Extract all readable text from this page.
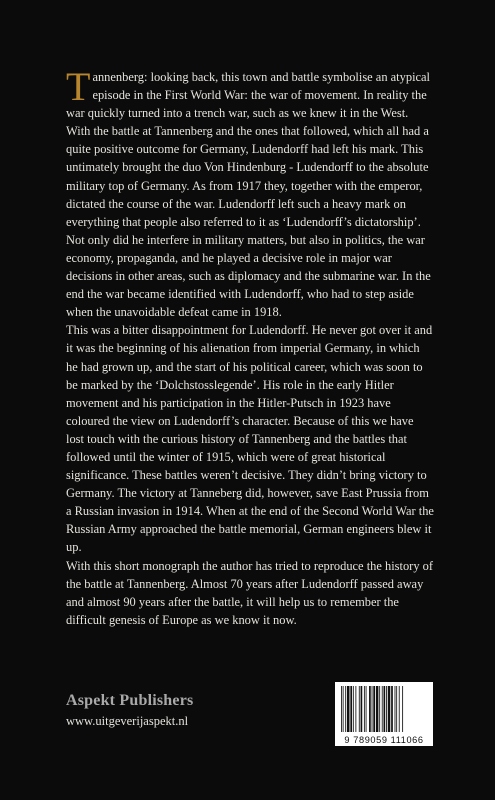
Tannenberg: looking back, this town and battle symbolise an atypical episode in the First World War: the war of movement. In reality the war quickly turned into a trench war, such as we knew it in the West. With the battle at Tannenberg and the ones that followed, which all had a quite positive outcome for Germany, Ludendorff had left his mark. This untimately brought the duo Von Hindenburg - Ludendorff to the absolute military top of Germany. As from 1917 they, together with the emperor, dictated the course of the war. Ludendorff left such a heavy mark on everything that people also referred to it as ‘Ludendorff’s dictatorship’. Not only did he interfere in military matters, but also in politics, the war economy, propaganda, and he played a decisive role in major war decisions in other areas, such as diplomacy and the submarine war. In the end the war became identified with Ludendorff, who had to step aside when the unavoidable defeat came in 1918.

This was a bitter disappointment for Ludendorff. He never got over it and it was the beginning of his alienation from imperial Germany, in which he had grown up, and the start of his political career, which was soon to be marked by the ‘Dolchstosslegende’. His role in the early Hitler movement and his participation in the Hitler-Putsch in 1923 have coloured the view on Ludendorff’s character. Because of this we have lost touch with the curious history of Tannenberg and the battles that followed until the winter of 1915, which were of great historical significance. These battles weren’t decisive. They didn’t bring victory to Germany. The victory at Tanneberg did, however, save East Prussia from a Russian invasion in 1914. When at the end of the Second World War the Russian Army approached the battle memorial, German engineers blew it up.

With this short monograph the author has tried to reproduce the history of the battle at Tannenberg. Almost 70 years after Ludendorff passed away and almost 90 years after the battle, it will help us to remember the difficult genesis of Europe as we know it now.

Aspekt Publishers
www.uitgeverijaspekt.nl
9 789059 111066
